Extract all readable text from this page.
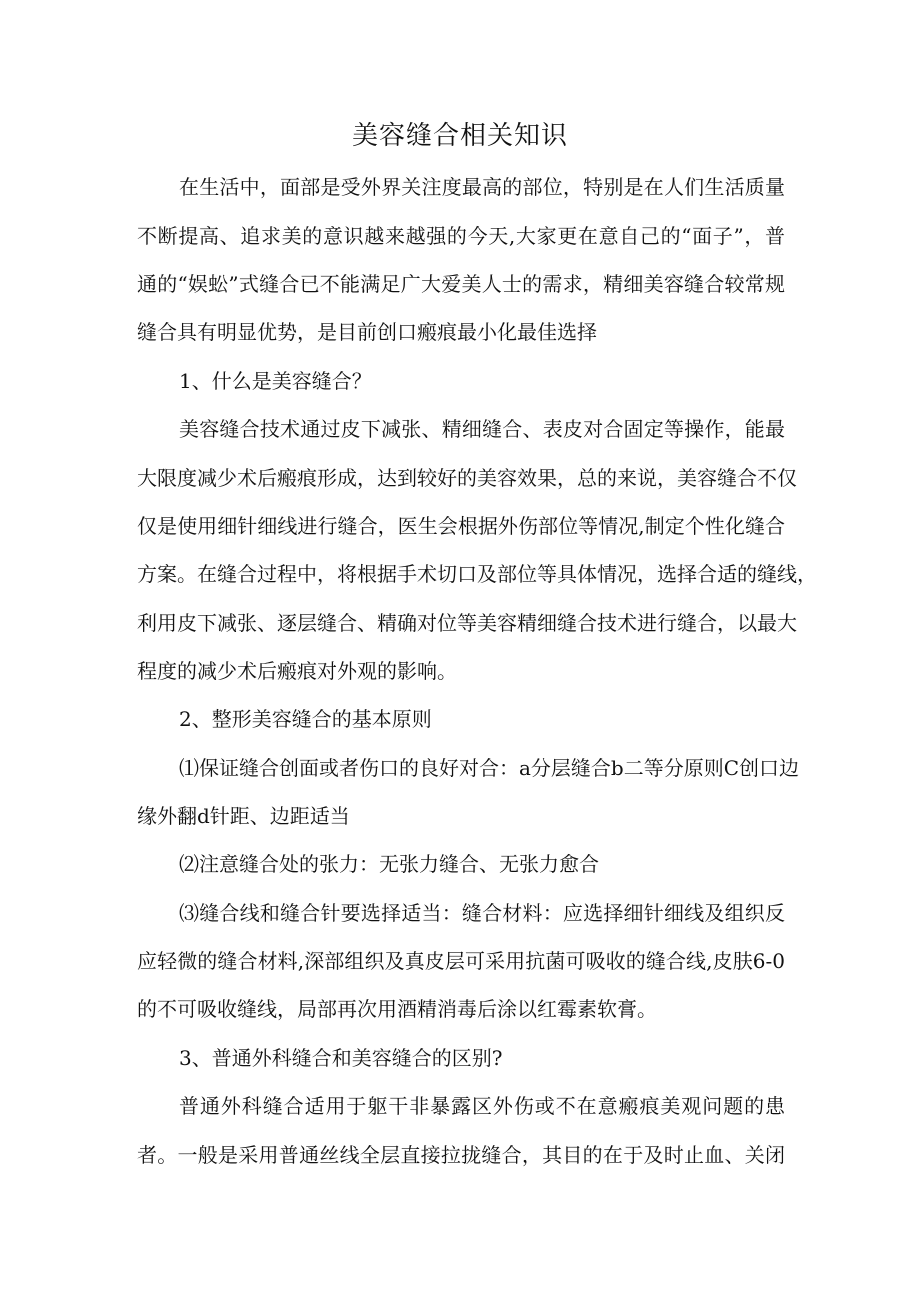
美容缝合相关知识
在生活中，面部是受外界关注度最高的部位，特别是在人们生活质量
不断提高、追求美的意识越来越强的今天,大家更在意自己的“面子”，普
通的“娱蚣”式缝合已不能满足广大爱美人士的需求，精细美容缝合较常规
缝合具有明显优势，是目前创口瘢痕最小化最佳选择
1、什么是美容缝合？
美容缝合技术通过皮下减张、精细缝合、表皮对合固定等操作，能最
大限度减少术后瘢痕形成，达到较好的美容效果，总的来说，美容缝合不仅
仅是使用细针细线进行缝合，医生会根据外伤部位等情况,制定个性化缝合
方案。在缝合过程中，将根据手术切口及部位等具体情况，选择合适的缝线，
利用皮下减张、逐层缝合、精确对位等美容精细缝合技术进行缝合，以最大
程度的减少术后瘢痕对外观的影响。
2、整形美容缝合的基本原则
⑴保证缝合创面或者伤口的良好对合：a分层缝合b二等分原则C创口边
缘外翻d针距、边距适当
⑵注意缝合处的张力：无张力缝合、无张力愈合
⑶缝合线和缝合针要选择适当：缝合材料：应选择细针细线及组织反
应轻微的缝合材料,深部组织及真皮层可采用抗菌可吸收的缝合线,皮肤6-0
的不可吸收缝线，局部再次用酒精消毒后涂以红霉素软膏。
3、普通外科缝合和美容缝合的区别?
普通外科缝合适用于躯干非暴露区外伤或不在意瘢痕美观问题的患
者。一般是采用普通丝线全层直接拉拢缝合，其目的在于及时止血、关闭
